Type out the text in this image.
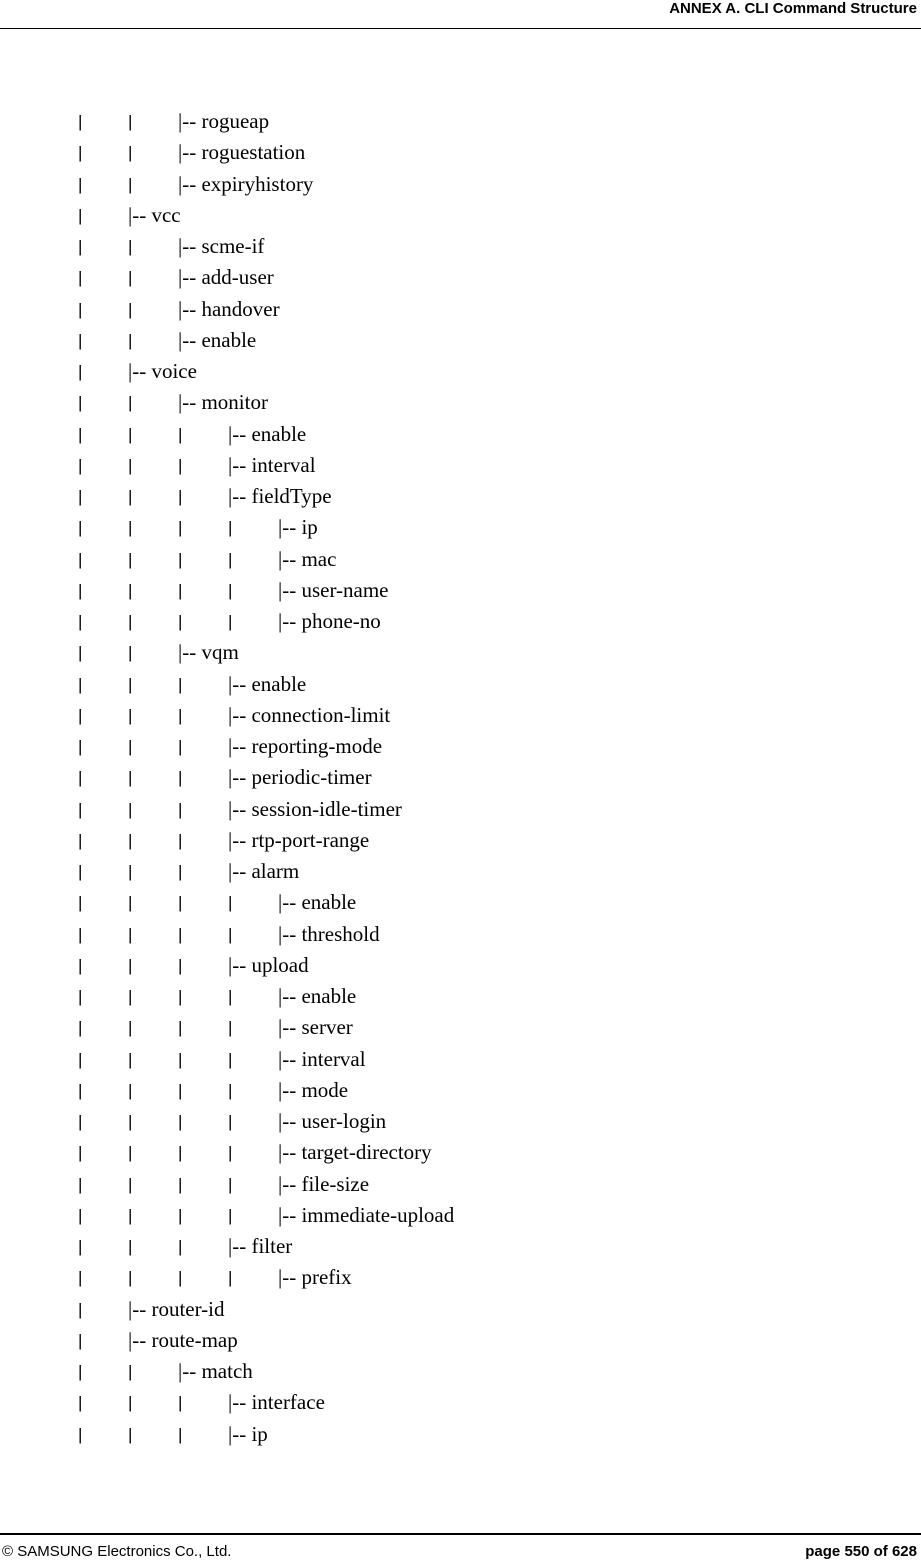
ANNEX A. CLI Command Structure
|	| |-- rogueap
|	| |-- roguestation
|	| |-- expiryhistory
| |-- vcc
|	| |-- scme-if
|	| |-- add-user
|	| |-- handover
|	| |-- enable
| |-- voice
|	| |-- monitor
|	|	| |-- enable
|	|	| |-- interval
|	|	| |-- fieldType
|	|	|	| |-- ip
|	|	|	| |-- mac
|	|	|	| |-- user-name
|	|	|	| |-- phone-no
|	| |-- vqm
|	|	| |-- enable
|	|	| |-- connection-limit
|	|	| |-- reporting-mode
|	|	| |-- periodic-timer
|	|	| |-- session-idle-timer
|	|	| |-- rtp-port-range
|	|	| |-- alarm
|	|	|	| |-- enable
|	|	|	| |-- threshold
|	|	| |-- upload
|	|	|	| |-- enable
|	|	|	| |-- server
|	|	|	| |-- interval
|	|	|	| |-- mode
|	|	|	| |-- user-login
|	|	|	| |-- target-directory
|	|	|	| |-- file-size
|	|	|	| |-- immediate-upload
|	|	| |-- filter
|	|	|	| |-- prefix
| |-- router-id
| |-- route-map
|	| |-- match
|	|	| |-- interface
|	|	| |-- ip
© SAMSUNG Electronics Co., Ltd.	page 550 of 628
